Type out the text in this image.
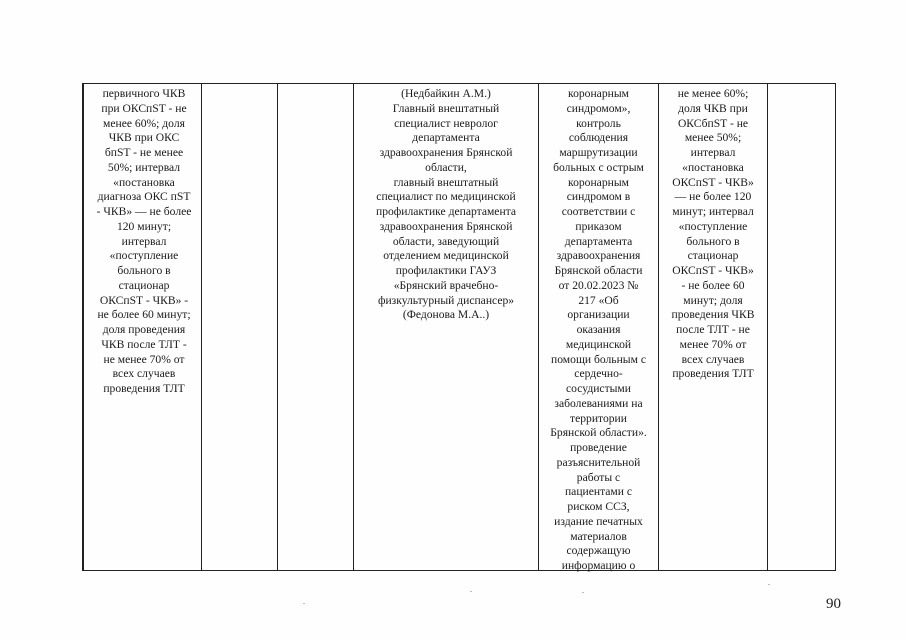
первичного ЧКВ
при ОКСпST - не
менее 60%; доля
ЧКВ при ОКС
бпST - не менее
50%; интервал
«постановка
диагноза ОКС пST
- ЧКВ» — не более
120 минут;
интервал
«поступление
больного в
стационар
ОКСпST - ЧКВ» -
не более 60 минут;
доля проведения
ЧКВ после ТЛТ -
не менее 70% от
всех случаев
проведения ТЛТ
(Недбайкин А.М.)
Главный внештатный
специалист невролог
департамента
здравоохранения Брянской
области,
главный внештатный
специалист по медицинской
профилактике департамента
здравоохранения Брянской
области, заведующий
отделением медицинской
профилактики ГАУЗ
«Брянский врачебно-
физкультурный диспансер»
(Федонова М.А..)
коронарным
синдромом»,
контроль
соблюдения
маршрутизации
больных с острым
коронарным
синдромом в
соответствии с
приказом
департамента
здравоохранения
Брянской области
от 20.02.2023 №
217 «Об
организации
оказания
медицинской
помощи больным с
сердечно-
сосудистыми
заболеваниями на
территории
Брянской области».
проведение
разъяснительной
работы с
пациентами с
риском ССЗ,
издание печатных
материалов
содержащую
информацию о
не менее 60%;
доля ЧКВ при
ОКСбпST - не
менее 50%;
интервал
«постановка
ОКСпST - ЧКВ»
— не более 120
минут; интервал
«поступление
больного в
стационар
ОКСпST - ЧКВ»
- не более 60
минут; доля
проведения ЧКВ
после ТЛТ - не
менее 70% от
всех случаев
проведения ТЛТ
90
